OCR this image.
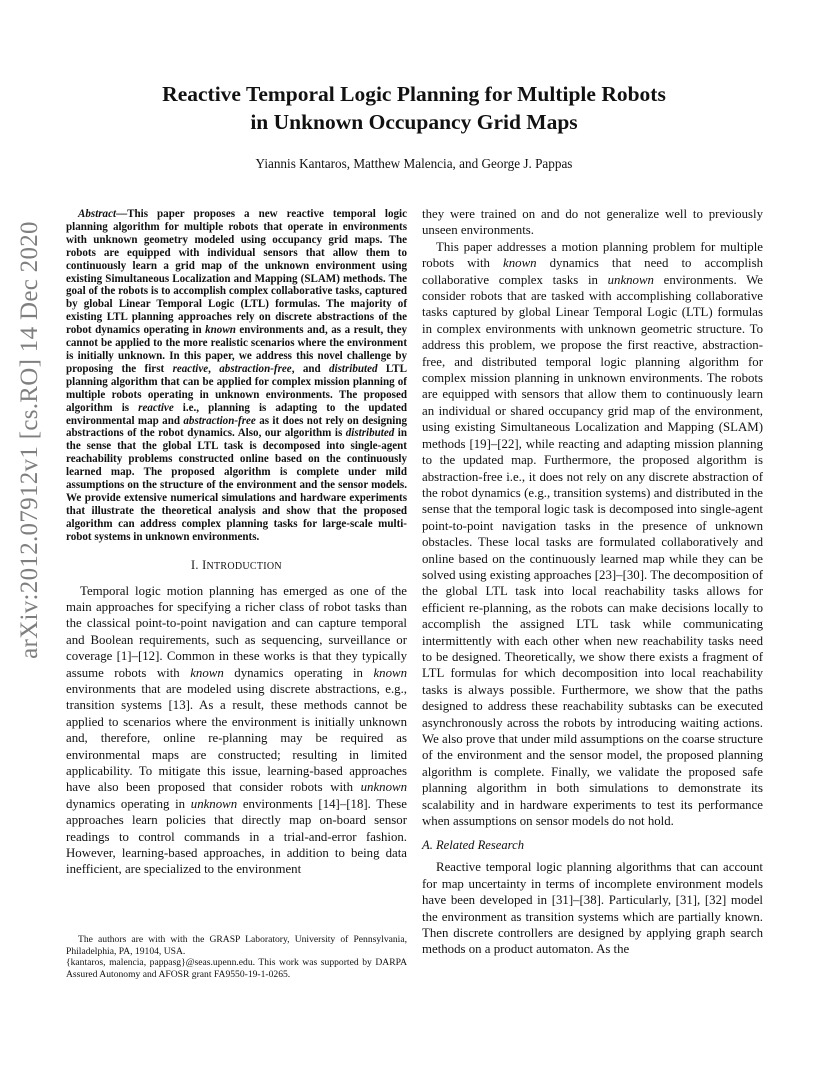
arXiv:2012.07912v1 [cs.RO] 14 Dec 2020
Reactive Temporal Logic Planning for Multiple Robots
in Unknown Occupancy Grid Maps
Yiannis Kantaros, Matthew Malencia, and George J. Pappas

Abstract—This paper proposes a new reactive temporal logic planning algorithm for multiple robots that operate in environments with unknown geometry modeled using occupancy grid maps. The robots are equipped with individual sensors that allow them to continuously learn a grid map of the unknown environment using existing Simultaneous Localization and Mapping (SLAM) methods. The goal of the robots is to accomplish complex collaborative tasks, captured by global Linear Temporal Logic (LTL) formulas. The majority of existing LTL planning approaches rely on discrete abstractions of the robot dynamics operating in known environments and, as a result, they cannot be applied to the more realistic scenarios where the environment is initially unknown. In this paper, we address this novel challenge by proposing the first reactive, abstraction-free, and distributed LTL planning algorithm that can be applied for complex mission planning of multiple robots operating in unknown environments. The proposed algorithm is reactive i.e., planning is adapting to the updated environmental map and abstraction-free as it does not rely on designing abstractions of the robot dynamics. Also, our algorithm is distributed in the sense that the global LTL task is decomposed into single-agent reachability problems constructed online based on the continuously learned map. The proposed algorithm is complete under mild assumptions on the structure of the environment and the sensor models. We provide extensive numerical simulations and hardware experiments that illustrate the theoretical analysis and show that the proposed algorithm can address complex planning tasks for large-scale multi-robot systems in unknown environments.

I. INTRODUCTION

Temporal logic motion planning has emerged as one of the main approaches for specifying a richer class of robot tasks than the classical point-to-point navigation and can capture temporal and Boolean requirements, such as sequencing, surveillance or coverage [1]–[12]. Common in these works is that they typically assume robots with known dynamics operating in known environments that are modeled using discrete abstractions, e.g., transition systems [13]. As a result, these methods cannot be applied to scenarios where the environment is initially unknown and, therefore, online re-planning may be required as environmental maps are constructed; resulting in limited applicability. To mitigate this issue, learning-based approaches have also been proposed that consider robots with unknown dynamics operating in unknown environments [14]–[18]. These approaches learn policies that directly map on-board sensor readings to control commands in a trial-and-error fashion. However, learning-based approaches, in addition to being data inefficient, are specialized to the environment

The authors are with with the GRASP Laboratory, University of Pennsylvania, Philadelphia, PA, 19104, USA.
{kantaros, malencia, pappasg}@seas.upenn.edu. This work was supported by DARPA Assured Autonomy and AFOSR grant FA9550-19-1-0265.

they were trained on and do not generalize well to previously unseen environments.

This paper addresses a motion planning problem for multiple robots with known dynamics that need to accomplish collaborative complex tasks in unknown environments. We consider robots that are tasked with accomplishing collaborative tasks captured by global Linear Temporal Logic (LTL) formulas in complex environments with unknown geometric structure. To address this problem, we propose the first reactive, abstraction-free, and distributed temporal logic planning algorithm for complex mission planning in unknown environments. The robots are equipped with sensors that allow them to continuously learn an individual or shared occupancy grid map of the environment, using existing Simultaneous Localization and Mapping (SLAM) methods [19]–[22], while reacting and adapting mission planning to the updated map. Furthermore, the proposed algorithm is abstraction-free i.e., it does not rely on any discrete abstraction of the robot dynamics (e.g., transition systems) and distributed in the sense that the temporal logic task is decomposed into single-agent point-to-point navigation tasks in the presence of unknown obstacles. These local tasks are formulated collaboratively and online based on the continuously learned map while they can be solved using existing approaches [23]–[30]. The decomposition of the global LTL task into local reachability tasks allows for efficient re-planning, as the robots can make decisions locally to accomplish the assigned LTL task while communicating intermittently with each other when new reachability tasks need to be designed. Theoretically, we show there exists a fragment of LTL formulas for which decomposition into local reachability tasks is always possible. Furthermore, we show that the paths designed to address these reachability subtasks can be executed asynchronously across the robots by introducing waiting actions. We also prove that under mild assumptions on the coarse structure of the environment and the sensor model, the proposed planning algorithm is complete. Finally, we validate the proposed safe planning algorithm in both simulations to demonstrate its scalability and in hardware experiments to test its performance when assumptions on sensor models do not hold.

A. Related Research

Reactive temporal logic planning algorithms that can account for map uncertainty in terms of incomplete environment models have been developed in [31]–[38]. Particularly, [31], [32] model the environment as transition systems which are partially known. Then discrete controllers are designed by applying graph search methods on a product automaton. As the
